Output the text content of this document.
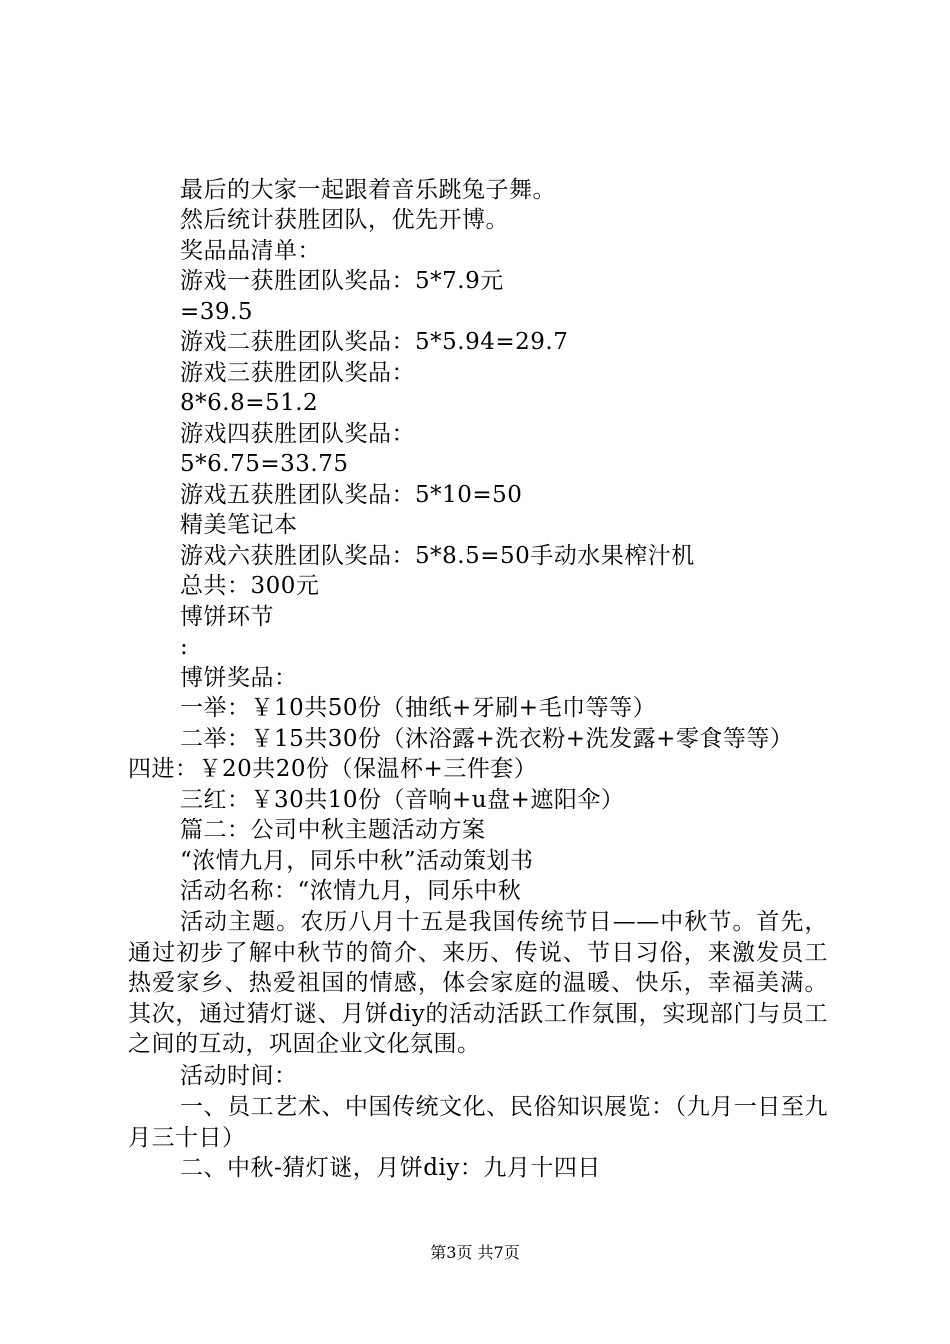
最后的大家一起跟着音乐跳兔子舞。
然后统计获胜团队，优先开博。
奖品品清单：
游戏一获胜团队奖品：5*7.9元
=39.5
游戏二获胜团队奖品：5*5.94=29.7
游戏三获胜团队奖品：
8*6.8=51.2
游戏四获胜团队奖品：
5*6.75=33.75
游戏五获胜团队奖品：5*10=50
精美笔记本
游戏六获胜团队奖品：5*8.5=50手动水果榨汁机
总共：300元
博饼环节
:
博饼奖品：
一举：￥10共50份（抽纸+牙刷+毛巾等等）
二举：￥15共30份（沐浴露+洗衣粉+洗发露+零食等等）
四进：￥20共20份（保温杯+三件套）
三红：￥30共10份（音响+u盘+遮阳伞）
篇二：公司中秋主题活动方案
“浓情九月，同乐中秋”活动策划书
活动名称：“浓情九月，同乐中秋
活动主题。农历八月十五是我国传统节日——中秋节。首先，通过初步了解中秋节的简介、来历、传说、节日习俗，来激发员工热爱家乡、热爱祖国的情感，体会家庭的温暖、快乐，幸福美满。其次，通过猜灯谜、月饼diy的活动活跃工作氛围，实现部门与员工之间的互动，巩固企业文化氛围。
活动时间：
一、员工艺术、中国传统文化、民俗知识展览：（九月一日至九月三十日）
二、中秋-猜灯谜，月饼diy：九月十四日
第3页 共7页
